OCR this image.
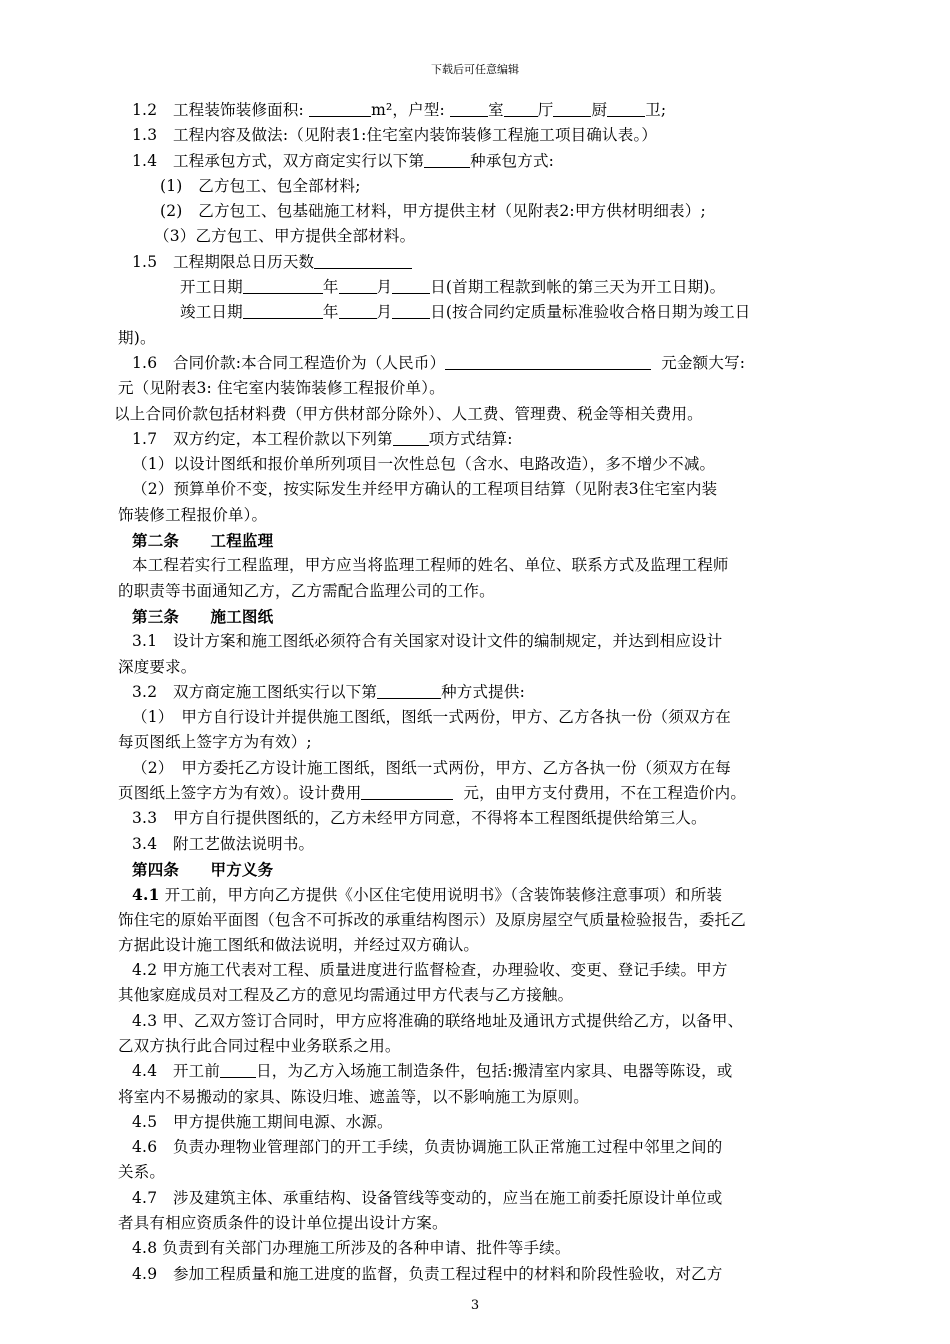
下载后可任意编辑
1.2　工程装饰装修面积:	m²，户型: 室 厅 厨 卫;
1.3　工程内容及做法:（见附表1:住宅室内装饰装修工程施工项目确认表。）
1.4　工程承包方式，双方商定实行以下第	种承包方式:
(1)　乙方包工、包全部材料;
(2)　乙方包工、包基础施工材料，甲方提供主材（见附表2:甲方供材明细表）;
（3）乙方包工、甲方提供全部材料。
1.5　工程期限总日历天数
开工日期	年 月 日(首期工程款到帐的第三天为开工日期)。
竣工日期	年 月 日(按合同约定质量标准验收合格日期为竣工日
期)。
1.6　合同价款:本合同工程造价为（人民币）	元金额大写:
元（见附表3: 住宅室内装饰装修工程报价单）。
以上合同价款包括材料费（甲方供材部分除外）、人工费、管理费、税金等相关费用。
1.7　双方约定，本工程价款以下列第 项方式结算:
（1）以设计图纸和报价单所列项目一次性总包（含水、电路改造），多不增少不减。
（2）预算单价不变，按实际发生并经甲方确认的工程项目结算（见附表3住宅室内装
饰装修工程报价单）。
第二条　　工程监理
本工程若实行工程监理，甲方应当将监理工程师的姓名、单位、联系方式及监理工程师
的职责等书面通知乙方，乙方需配合监理公司的工作。
第三条　　施工图纸
3.1　设计方案和施工图纸必须符合有关国家对设计文件的编制规定，并达到相应设计
深度要求。
3.2　双方商定施工图纸实行以下第	种方式提供:
（1）　甲方自行设计并提供施工图纸，图纸一式两份，甲方、乙方各执一份（须双方在
每页图纸上签字方为有效）;
（2）　甲方委托乙方设计施工图纸，图纸一式两份，甲方、乙方各执一份（须双方在每
页图纸上签字方为有效）。设计费用	元，由甲方支付费用，不在工程造价内。
3.3　甲方自行提供图纸的，乙方未经甲方同意，不得将本工程图纸提供给第三人。
3.4　附工艺做法说明书。
第四条　　甲方义务
4.1 开工前，甲方向乙方提供《小区住宅使用说明书》（含装饰装修注意事项）和所装
饰住宅的原始平面图（包含不可拆改的承重结构图示）及原房屋空气质量检验报告，委托乙
方据此设计施工图纸和做法说明，并经过双方确认。
4.2 甲方施工代表对工程、质量进度进行监督检查，办理验收、变更、登记手续。甲方
其他家庭成员对工程及乙方的意见均需通过甲方代表与乙方接触。
4.3 甲、乙双方签订合同时，甲方应将准确的联络地址及通讯方式提供给乙方，以备甲、
乙双方执行此合同过程中业务联系之用。
4.4　开工前 日，为乙方入场施工制造条件，包括:搬清室内家具、电器等陈设，或
将室内不易搬动的家具、陈设归堆、遮盖等，以不影响施工为原则。
4.5　甲方提供施工期间电源、水源。
4.6　负责办理物业管理部门的开工手续，负责协调施工队正常施工过程中邻里之间的
关系。
4.7　涉及建筑主体、承重结构、设备管线等变动的，应当在施工前委托原设计单位或
者具有相应资质条件的设计单位提出设计方案。
4.8 负责到有关部门办理施工所涉及的各种申请、批件等手续。
4.9　参加工程质量和施工进度的监督，负责工程过程中的材料和阶段性验收，对乙方
3
